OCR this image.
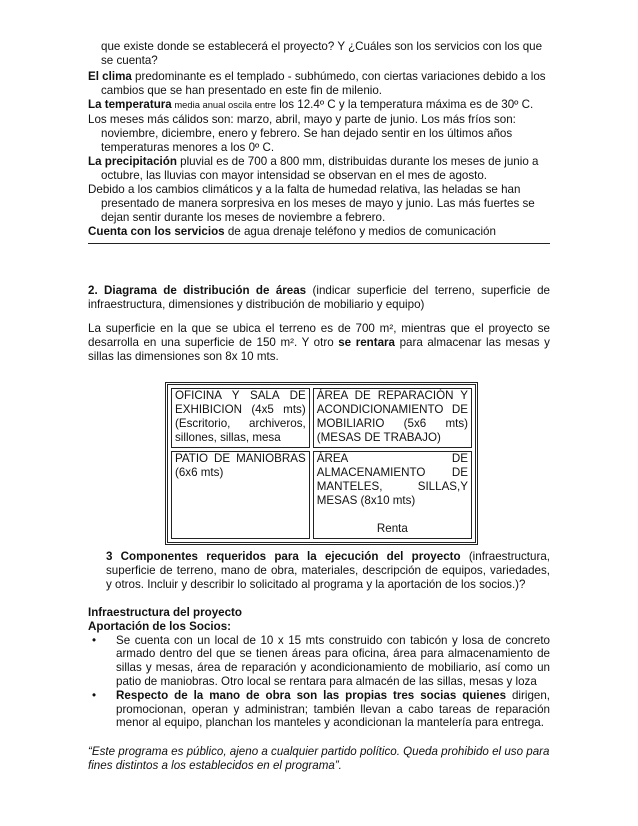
que existe donde se establecerá el proyecto? Y ¿Cuáles son los servicios con los que

se cuenta?

El clima predominante es el templado - subhúmedo, con ciertas variaciones debido a los cambios que se han presentado en este fin de milenio.
La temperatura media anual oscila entre los 12.4º C y la temperatura máxima es de 30º C.
Los meses más cálidos son: marzo, abril, mayo y parte de junio. Los más fríos son: noviembre, diciembre, enero y febrero. Se han dejado sentir en los últimos años temperaturas menores a los 0º C.
La precipitación pluvial es de 700 a 800 mm, distribuidas durante los meses de junio a octubre, las lluvias con mayor intensidad se observan en el mes de agosto.
Debido a los cambios climáticos y a la falta de humedad relativa, las heladas se han presentado de manera sorpresiva en los meses de mayo y junio. Las más fuertes se dejan sentir durante los meses de noviembre a febrero.
Cuenta con los servicios de agua drenaje teléfono y medios de comunicación
2. Diagrama de distribución de áreas (indicar superficie del terreno, superficie de infraestructura, dimensiones y distribución de mobiliario y equipo)
La superficie en la que se ubica el terreno es de 700 m², mientras que el proyecto se desarrolla en una superficie de 150 m². Y otro se rentara para almacenar las mesas y sillas las dimensiones son 8x 10 mts.
OFICINA Y SALA DE EXHIBICION (4x5 mts) (Escritorio, archiveros, sillones, sillas, mesa	ÁREA DE REPARACIÓN Y ACONDICIONAMIENTO DE MOBILIARIO (5x6 mts) (MESAS DE TRABAJO)
PATIO DE MANIOBRAS (6x6 mts)	ÁREA DE ALMACENAMIENTO DE MANTELES, SILLAS,Y MESAS (8x10 mts)
Renta
3 Componentes requeridos para la ejecución del proyecto (infraestructura, superficie de terreno, mano de obra, materiales, descripción de equipos, variedades, y otros. Incluir y describir lo solicitado al programa y la aportación de los socios.)?

Infraestructura del proyecto

Aportación de los Socios:

• Se cuenta con un local de 10 x 15 mts construido con tabicón y losa de concreto armado dentro del que se tienen áreas para oficina, área para almacenamiento de sillas y mesas, área de reparación y acondicionamiento de mobiliario, así como un patio de maniobras. Otro local se rentara para almacén de las sillas, mesas y loza
• Respecto de la mano de obra son las propias tres socias quienes dirigen, promocionan, operan y administran; también llevan a cabo tareas de reparación menor al equipo, planchan los manteles y acondicionan la mantelería para entrega.
“Este programa es público, ajeno a cualquier partido político. Queda prohibido el uso para fines distintos a los establecidos en el programa”.
